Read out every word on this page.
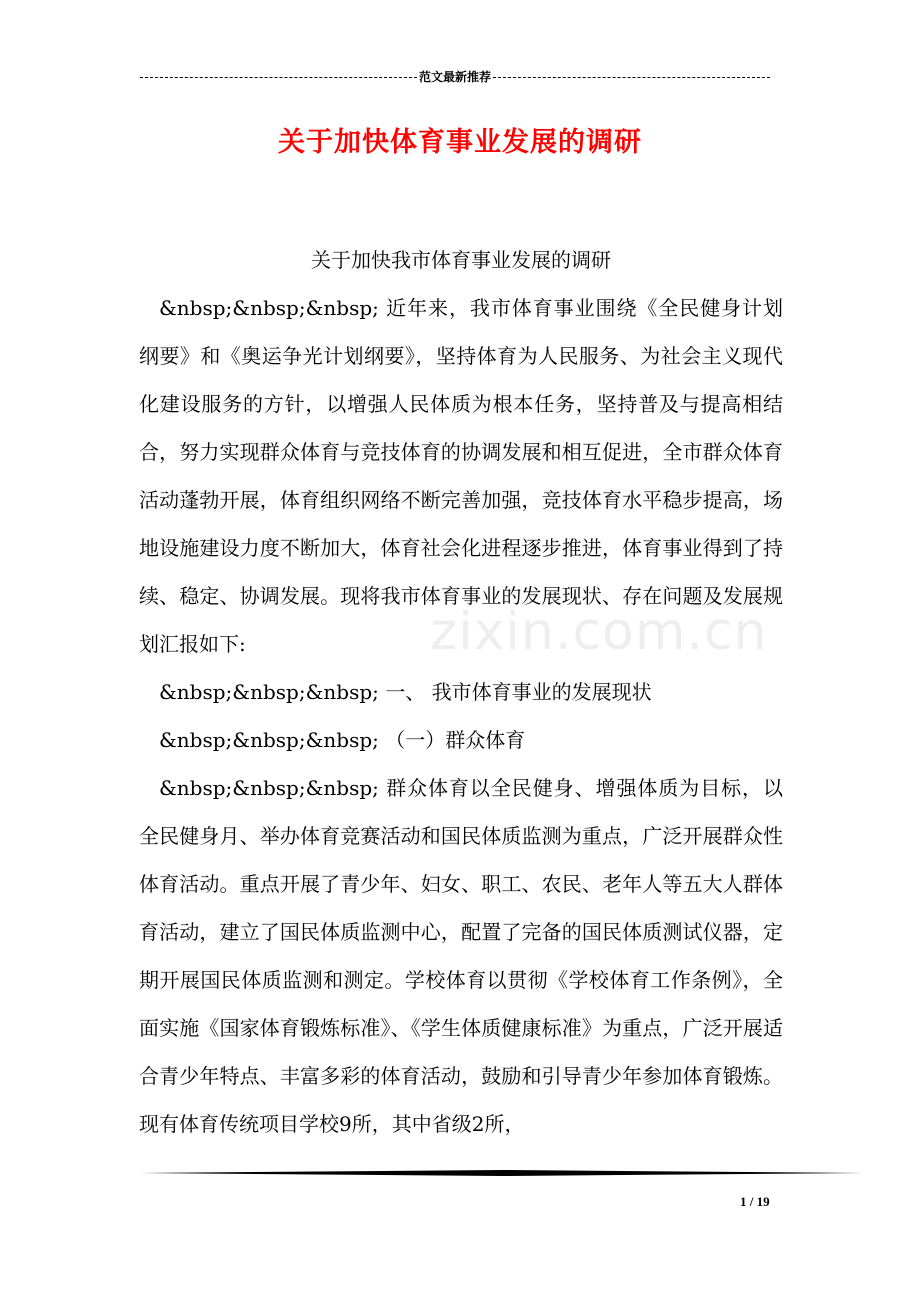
范文最新推荐
关于加快体育事业发展的调研

关于加快我市体育事业发展的调研

&nbsp;&nbsp;&nbsp; 近年来，我市体育事业围绕《全民健身计划纲要》和《奥运争光计划纲要》，坚持体育为人民服务、为社会主义现代化建设服务的方针，以增强人民体质为根本任务，坚持普及与提高相结合，努力实现群众体育与竞技体育的协调发展和相互促进，全市群众体育活动蓬勃开展，体育组织网络不断完善加强，竞技体育水平稳步提高，场地设施建设力度不断加大，体育社会化进程逐步推进，体育事业得到了持续、稳定、协调发展。现将我市体育事业的发展现状、存在问题及发展规划汇报如下:

&nbsp;&nbsp;&nbsp; 一、 我市体育事业的发展现状

&nbsp;&nbsp;&nbsp; （一）群众体育

&nbsp;&nbsp;&nbsp; 群众体育以全民健身、增强体质为目标，以全民健身月、举办体育竞赛活动和国民体质监测为重点，广泛开展群众性体育活动。重点开展了青少年、妇女、职工、农民、老年人等五大人群体育活动，建立了国民体质监测中心，配置了完备的国民体质测试仪器，定期开展国民体质监测和测定。学校体育以贯彻《学校体育工作条例》，全面实施《国家体育锻炼标准》、《学生体质健康标准》为重点，广泛开展适合青少年特点、丰富多彩的体育活动，鼓励和引导青少年参加体育锻炼。现有体育传统项目学校9所，其中省级2所，

zixin.com.cn
1 / 19
